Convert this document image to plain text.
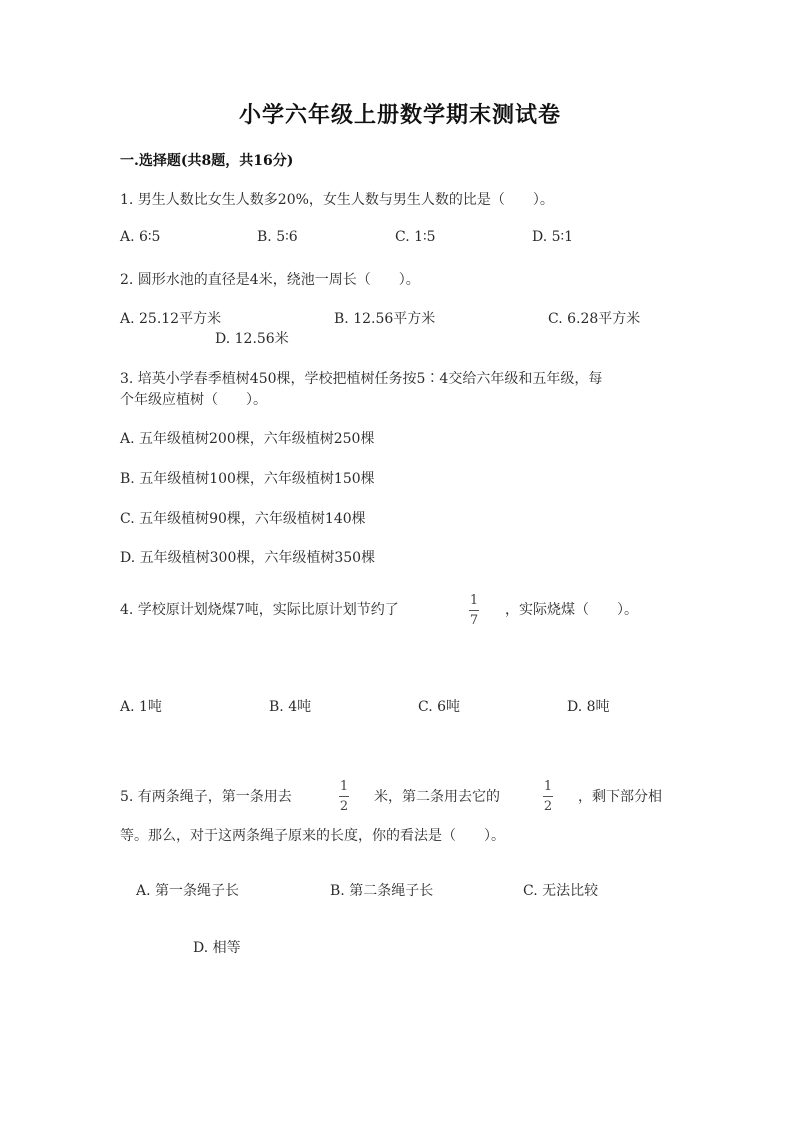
小学六年级上册数学期末测试卷
一.选择题(共8题，共16分)
1. 男生人数比女生人数多20%，女生人数与男生人数的比是（　　）。
A. 6∶5	B. 5∶6	C. 1∶5	D. 5∶1
2. 圆形水池的直径是4米，绕池一周长（　　）。
A. 25.12平方米	B. 12.56平方米	C. 6.28平方米
D. 12.56米
3. 培英小学春季植树450棵，学校把植树任务按5∶4交给六年级和五年级，每
个年级应植树（　　）。
A. 五年级植树200棵，六年级植树250棵
B. 五年级植树100棵，六年级植树150棵
C. 五年级植树90棵，六年级植树140棵
D. 五年级植树300棵，六年级植树350棵
4. 学校原计划烧煤7吨，实际比原计划节约了
1
7
，实际烧煤（　　）。
A. 1吨	B. 4吨	C. 6吨	D. 8吨
5. 有两条绳子，第一条用去
1
2
米，第二条用去它的
1
2
，剩下部分相
等。那么，对于这两条绳子原来的长度，你的看法是（　　）。
A. 第一条绳子长	B. 第二条绳子长	C. 无法比较
D. 相等
